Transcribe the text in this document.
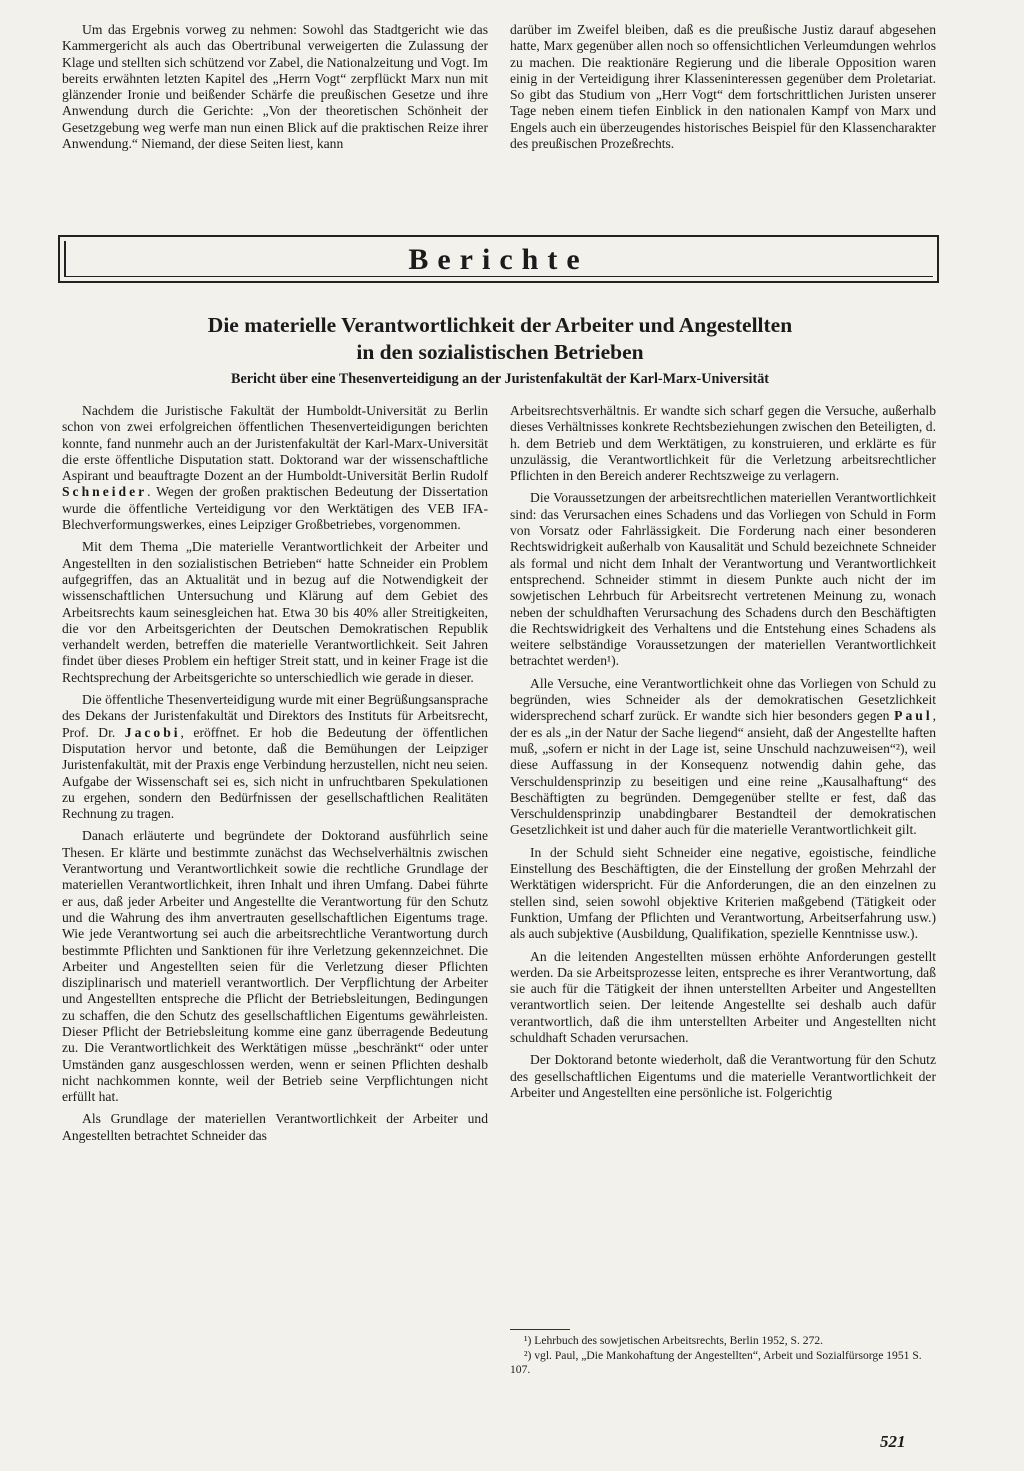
Um das Ergebnis vorweg zu nehmen: Sowohl das Stadtgericht wie das Kammergericht als auch das Obertribunal verweigerten die Zulassung der Klage und stellten sich schützend vor Zabel, die Nationalzeitung und Vogt. Im bereits erwähnten letzten Kapitel des „Herrn Vogt“ zerpflückt Marx nun mit glänzender Ironie und beißender Schärfe die preußischen Gesetze und ihre Anwendung durch die Gerichte: „Von der theoretischen Schönheit der Gesetzgebung weg werfe man nun einen Blick auf die praktischen Reize ihrer Anwendung.“ Niemand, der diese Seiten liest, kann

darüber im Zweifel bleiben, daß es die preußische Justiz darauf abgesehen hatte, Marx gegenüber allen noch so offensichtlichen Verleumdungen wehrlos zu machen. Die reaktionäre Regierung und die liberale Opposition waren einig in der Verteidigung ihrer Klasseninteressen gegenüber dem Proletariat. So gibt das Studium von „Herr Vogt“ dem fortschrittlichen Juristen unserer Tage neben einem tiefen Einblick in den nationalen Kampf von Marx und Engels auch ein überzeugendes historisches Beispiel für den Klassencharakter des preußischen Prozeßrechts.

Berichte
Die materielle Verantwortlichkeit der Arbeiter und Angestellten
in den sozialistischen Betrieben
Bericht über eine Thesenverteidigung an der Juristenfakultät der Karl-Marx-Universität

Nachdem die Juristische Fakultät der Humboldt-Universität zu Berlin schon von zwei erfolgreichen öffentlichen Thesenverteidigungen berichten konnte, fand nunmehr auch an der Juristenfakultät der Karl-Marx-Universität die erste öffentliche Disputation statt. Doktorand war der wissenschaftliche Aspirant und beauftragte Dozent an der Humboldt-Universität Berlin Rudolf Schneider. Wegen der großen praktischen Bedeutung der Dissertation wurde die öffentliche Verteidigung vor den Werktätigen des VEB IFA-Blechverformungswerkes, eines Leipziger Großbetriebes, vorgenommen.

Mit dem Thema „Die materielle Verantwortlichkeit der Arbeiter und Angestellten in den sozialistischen Betrieben“ hatte Schneider ein Problem aufgegriffen, das an Aktualität und in bezug auf die Notwendigkeit der wissenschaftlichen Untersuchung und Klärung auf dem Gebiet des Arbeitsrechts kaum seinesgleichen hat. Etwa 30 bis 40% aller Streitigkeiten, die vor den Arbeitsgerichten der Deutschen Demokratischen Republik verhandelt werden, betreffen die materielle Verantwortlichkeit. Seit Jahren findet über dieses Problem ein heftiger Streit statt, und in keiner Frage ist die Rechtsprechung der Arbeitsgerichte so unterschiedlich wie gerade in dieser.

Die öffentliche Thesenverteidigung wurde mit einer Begrüßungsansprache des Dekans der Juristenfakultät und Direktors des Instituts für Arbeitsrecht, Prof. Dr. Jacobi, eröffnet. Er hob die Bedeutung der öffentlichen Disputation hervor und betonte, daß die Bemühungen der Leipziger Juristenfakultät, mit der Praxis enge Verbindung herzustellen, nicht neu seien. Aufgabe der Wissenschaft sei es, sich nicht in unfruchtbaren Spekulationen zu ergehen, sondern den Bedürfnissen der gesellschaftlichen Realitäten Rechnung zu tragen.

Danach erläuterte und begründete der Doktorand ausführlich seine Thesen. Er klärte und bestimmte zunächst das Wechselverhältnis zwischen Verantwortung und Verantwortlichkeit sowie die rechtliche Grundlage der materiellen Verantwortlichkeit, ihren Inhalt und ihren Umfang. Dabei führte er aus, daß jeder Arbeiter und Angestellte die Verantwortung für den Schutz und die Wahrung des ihm anvertrauten gesellschaftlichen Eigentums trage. Wie jede Verantwortung sei auch die arbeitsrechtliche Verantwortung durch bestimmte Pflichten und Sanktionen für ihre Verletzung gekennzeichnet. Die Arbeiter und Angestellten seien für die Verletzung dieser Pflichten disziplinarisch und materiell verantwortlich. Der Verpflichtung der Arbeiter und Angestellten entspreche die Pflicht der Betriebsleitungen, Bedingungen zu schaffen, die den Schutz des gesellschaftlichen Eigentums gewährleisten. Dieser Pflicht der Betriebsleitung komme eine ganz überragende Bedeutung zu. Die Verantwortlichkeit des Werktätigen müsse „beschränkt“ oder unter Umständen ganz ausgeschlossen werden, wenn er seinen Pflichten deshalb nicht nachkommen konnte, weil der Betrieb seine Verpflichtungen nicht erfüllt hat.

Als Grundlage der materiellen Verantwortlichkeit der Arbeiter und Angestellten betrachtet Schneider das

Arbeitsrechtsverhältnis. Er wandte sich scharf gegen die Versuche, außerhalb dieses Verhältnisses konkrete Rechtsbeziehungen zwischen den Beteiligten, d. h. dem Betrieb und dem Werktätigen, zu konstruieren, und erklärte es für unzulässig, die Verantwortlichkeit für die Verletzung arbeitsrechtlicher Pflichten in den Bereich anderer Rechtszweige zu verlagern.

Die Voraussetzungen der arbeitsrechtlichen materiellen Verantwortlichkeit sind: das Verursachen eines Schadens und das Vorliegen von Schuld in Form von Vorsatz oder Fahrlässigkeit. Die Forderung nach einer besonderen Rechtswidrigkeit außerhalb von Kausalität und Schuld bezeichnete Schneider als formal und nicht dem Inhalt der Verantwortung und Verantwortlichkeit entsprechend. Schneider stimmt in diesem Punkte auch nicht der im sowjetischen Lehrbuch für Arbeitsrecht vertretenen Meinung zu, wonach neben der schuldhaften Verursachung des Schadens durch den Beschäftigten die Rechtswidrigkeit des Verhaltens und die Entstehung eines Schadens als weitere selbständige Voraussetzungen der materiellen Verantwortlichkeit betrachtet werden¹).

Alle Versuche, eine Verantwortlichkeit ohne das Vorliegen von Schuld zu begründen, wies Schneider als der demokratischen Gesetzlichkeit widersprechend scharf zurück. Er wandte sich hier besonders gegen Paul, der es als „in der Natur der Sache liegend“ ansieht, daß der Angestellte haften muß, „sofern er nicht in der Lage ist, seine Unschuld nachzuweisen“²), weil diese Auffassung in der Konsequenz notwendig dahin gehe, das Verschuldensprinzip zu beseitigen und eine reine „Kausalhaftung“ des Beschäftigten zu begründen. Demgegenüber stellte er fest, daß das Verschuldensprinzip unabdingbarer Bestandteil der demokratischen Gesetzlichkeit ist und daher auch für die materielle Verantwortlichkeit gilt.

In der Schuld sieht Schneider eine negative, egoistische, feindliche Einstellung des Beschäftigten, die der Einstellung der großen Mehrzahl der Werktätigen widerspricht. Für die Anforderungen, die an den einzelnen zu stellen sind, seien sowohl objektive Kriterien maßgebend (Tätigkeit oder Funktion, Umfang der Pflichten und Verantwortung, Arbeitserfahrung usw.) als auch subjektive (Ausbildung, Qualifikation, spezielle Kenntnisse usw.).

An die leitenden Angestellten müssen erhöhte Anforderungen gestellt werden. Da sie Arbeitsprozesse leiten, entspreche es ihrer Verantwortung, daß sie auch für die Tätigkeit der ihnen unterstellten Arbeiter und Angestellten verantwortlich seien. Der leitende Angestellte sei deshalb auch dafür verantwortlich, daß die ihm unterstellten Arbeiter und Angestellten nicht schuldhaft Schaden verursachen.

Der Doktorand betonte wiederholt, daß die Verantwortung für den Schutz des gesellschaftlichen Eigentums und die materielle Verantwortlichkeit der Arbeiter und Angestellten eine persönliche ist. Folgerichtig

¹) Lehrbuch des sowjetischen Arbeitsrechts, Berlin 1952, S. 272.
²) vgl. Paul, „Die Mankohaftung der Angestellten“, Arbeit und Sozialfürsorge 1951 S. 107.
521
